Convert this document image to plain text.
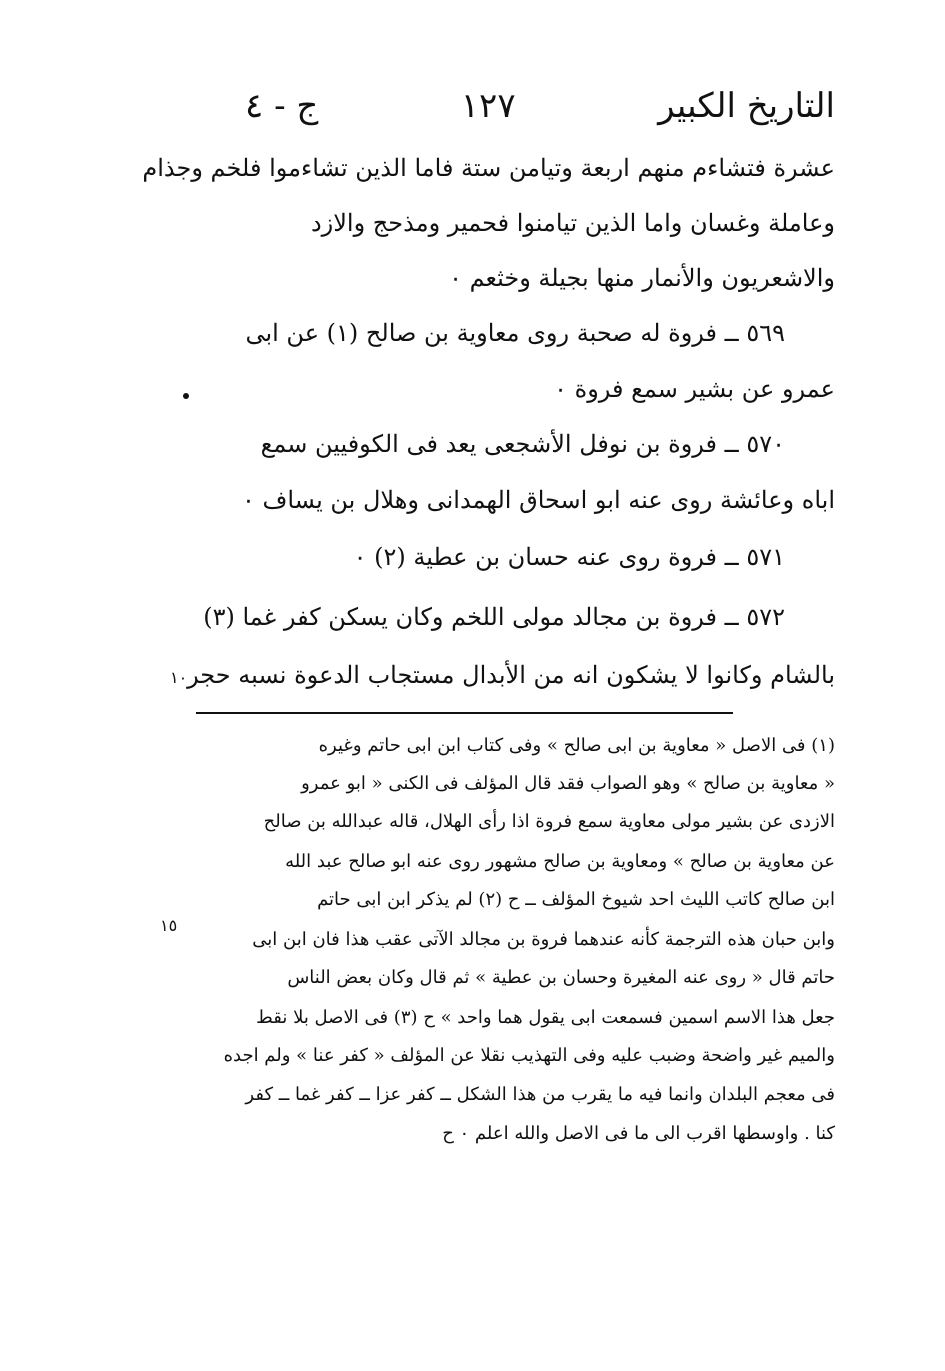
التاريخ الكبير
١٢٧
ج - ٤
عشرة فتشاءم منهم اربعة وتيامن ستة فاما الذين تشاءموا فلخم وجذام
وعاملة وغسان واما الذين تيامنوا فحمير ومذحج والازد
والاشعريون والأنمار منها بجيلة وخثعم ٠
٥٦٩ ــ فروة له صحبة روى معاوية بن صالح (١) عن ابى
عمرو عن بشير سمع فروة ٠
٥٧٠ ــ فروة بن نوفل الأشجعى يعد فى الكوفيين سمع
اباه وعائشة روى عنه ابو اسحاق الهمدانى وهلال بن يساف ٠
٥٧١ ــ فروة روى عنه حسان بن عطية (٢) ٠
٥٧٢ ــ فروة بن مجالد مولى اللخم وكان يسكن كفر غما (٣)
بالشام وكانوا لا يشكون انه من الأبدال مستجاب الدعوة نسبه حجر
١٠
(١) فى الاصل « معاوية بن ابى صالح » وفى كتاب ابن ابى حاتم وغيره
« معاوية بن صالح » وهو الصواب فقد قال المؤلف فى الكنى « ابو عمرو
الازدى عن بشير مولى معاوية سمع فروة اذا رأى الهلال، قاله عبدالله بن صالح
عن معاوية بن صالح » ومعاوية بن صالح مشهور روى عنه ابو صالح عبد الله
ابن صالح كاتب الليث احد شيوخ المؤلف ــ ح (٢) لم يذكر ابن ابى حاتم
وابن حبان هذه الترجمة كأنه عندهما فروة بن مجالد الآتى عقب هذا فان ابن ابى
حاتم قال « روى عنه المغيرة وحسان بن عطية » ثم قال وكان بعض الناس
جعل هذا الاسم اسمين فسمعت ابى يقول هما واحد » ح (٣) فى الاصل بلا نقط
والميم غير واضحة وضبب عليه وفى التهذيب نقلا عن المؤلف « كفر عنا » ولم اجده
فى معجم البلدان وانما فيه ما يقرب من هذا الشكل ــ كفر عزا ــ كفر غما ــ كفر
كنا . واوسطها اقرب الى ما فى الاصل والله اعلم ٠ ح
١٥
